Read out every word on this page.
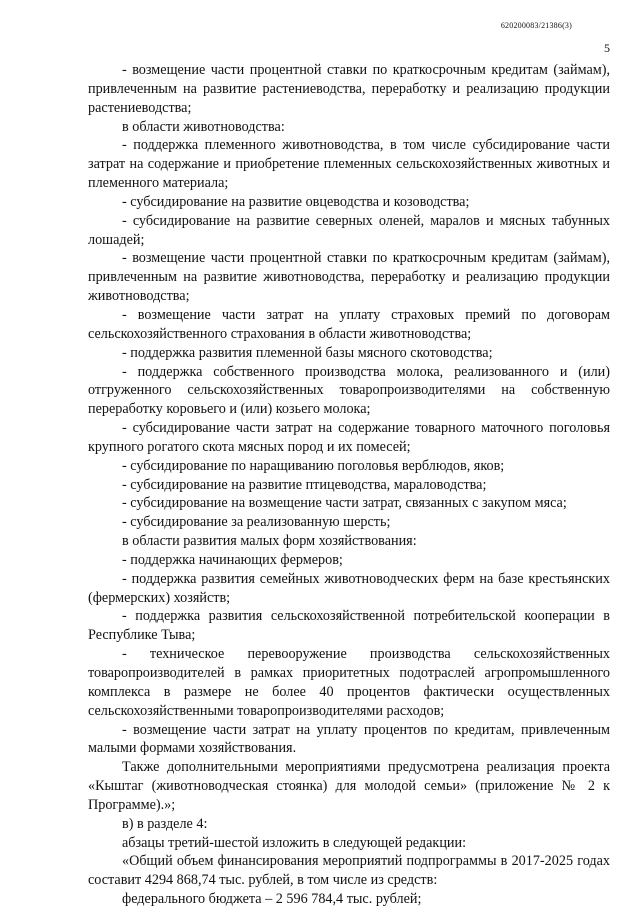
620200083/21386(3)
5

- возмещение части процентной ставки по краткосрочным кредитам (займам), привлеченным на развитие растениеводства, переработку и реализацию продукции растениеводства;

в области животноводства:

- поддержка племенного животноводства, в том числе субсидирование части затрат на содержание и приобретение племенных сельскохозяйственных животных и племенного материала;

- субсидирование на развитие овцеводства и козоводства;

- субсидирование на развитие северных оленей, маралов и мясных табунных лошадей;

- возмещение части процентной ставки по краткосрочным кредитам (займам), привлеченным на развитие животноводства, переработку и реализацию продукции животноводства;

- возмещение части затрат на уплату страховых премий по договорам сельскохозяйственного страхования в области животноводства;

- поддержка развития племенной базы мясного скотоводства;

- поддержка собственного производства молока, реализованного и (или) отгруженного сельскохозяйственных товаропроизводителями на собственную переработку коровьего и (или) козьего молока;

- субсидирование части затрат на содержание товарного маточного поголовья крупного рогатого скота мясных пород и их помесей;

- субсидирование по наращиванию поголовья верблюдов, яков;

- субсидирование на развитие птицеводства, мараловодства;

- субсидирование на возмещение части затрат, связанных с закупом мяса;

- субсидирование за реализованную шерсть;

в области развития малых форм хозяйствования:

- поддержка начинающих фермеров;

- поддержка развития семейных животноводческих ферм на базе крестьянских (фермерских) хозяйств;

- поддержка развития сельскохозяйственной потребительской кооперации в Республике Тыва;

- техническое перевооружение производства сельскохозяйственных товаропроизводителей в рамках приоритетных подотраслей агропромышленного комплекса в размере не более 40 процентов фактически осуществленных сельскохозяйственными товаропроизводителями расходов;

- возмещение части затрат на уплату процентов по кредитам, привлеченным малыми формами хозяйствования.

Также дополнительными мероприятиями предусмотрена реализация проекта «Кыштаг (животноводческая стоянка) для молодой семьи» (приложение № 2 к Программе).»;

в) в разделе 4:

абзацы третий-шестой изложить в следующей редакции:

«Общий объем финансирования мероприятий подпрограммы в 2017-2025 годах составит 4294 868,74 тыс. рублей, в том числе из средств:

федерального бюджета – 2 596 784,4 тыс. рублей;
